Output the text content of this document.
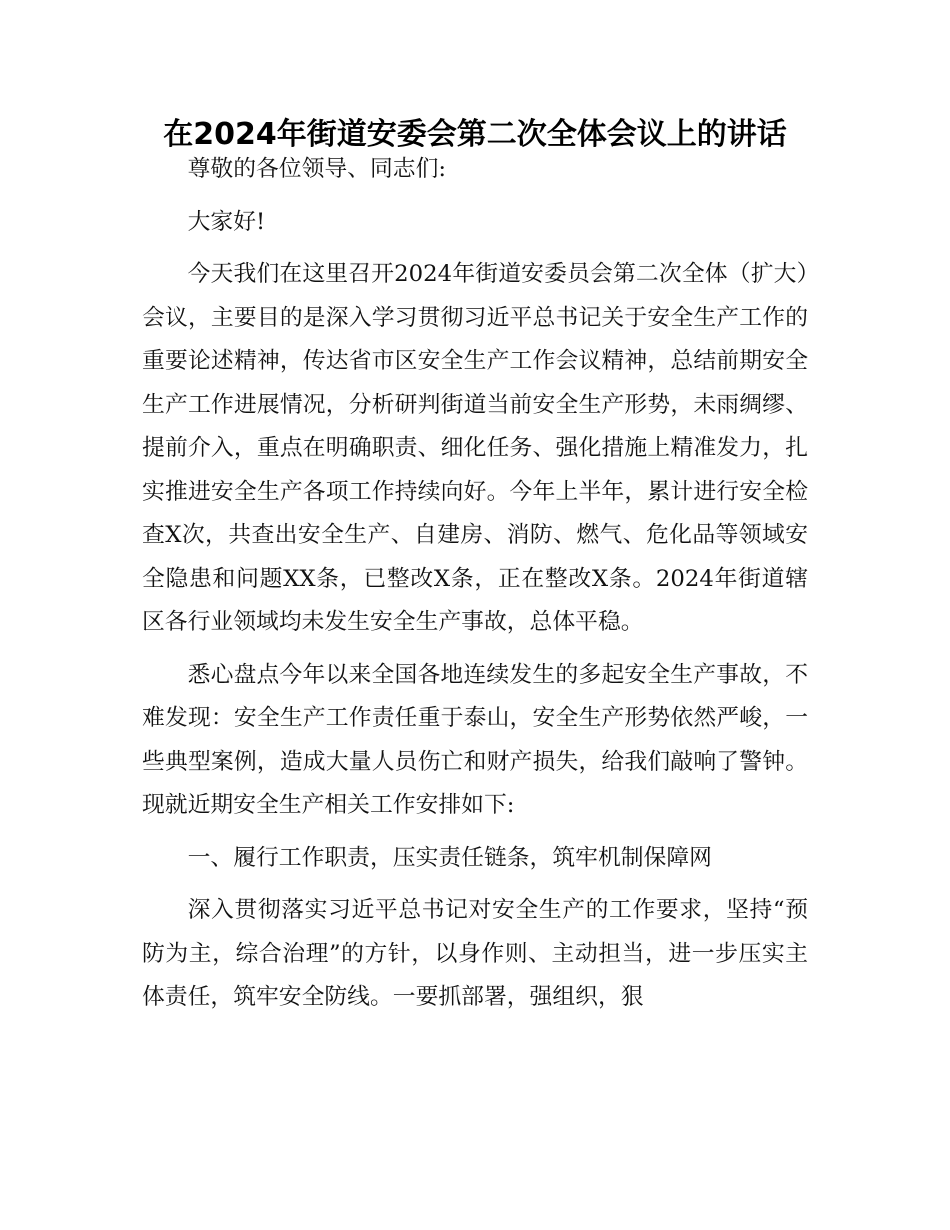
在2024年街道安委会第二次全体会议上的讲话

尊敬的各位领导、同志们:

大家好!

今天我们在这里召开2024年街道安委员会第二次全体（扩大）会议，主要目的是深入学习贯彻习近平总书记关于安全生产工作的重要论述精神，传达省市区安全生产工作会议精神，总结前期安全生产工作进展情况，分析研判街道当前安全生产形势，未雨绸缪、提前介入，重点在明确职责、细化任务、强化措施上精准发力，扎实推进安全生产各项工作持续向好。今年上半年，累计进行安全检查X次，共查出安全生产、自建房、消防、燃气、危化品等领域安全隐患和问题XX条，已整改X条，正在整改X条。2024年街道辖区各行业领域均未发生安全生产事故，总体平稳。

悉心盘点今年以来全国各地连续发生的多起安全生产事故，不难发现：安全生产工作责任重于泰山，安全生产形势依然严峻，一些典型案例，造成大量人员伤亡和财产损失，给我们敲响了警钟。现就近期安全生产相关工作安排如下:

一、履行工作职责，压实责任链条，筑牢机制保障网

深入贯彻落实习近平总书记对安全生产的工作要求，坚持“预防为主，综合治理”的方针，以身作则、主动担当，进一步压实主体责任，筑牢安全防线。一要抓部署，强组织，狠
